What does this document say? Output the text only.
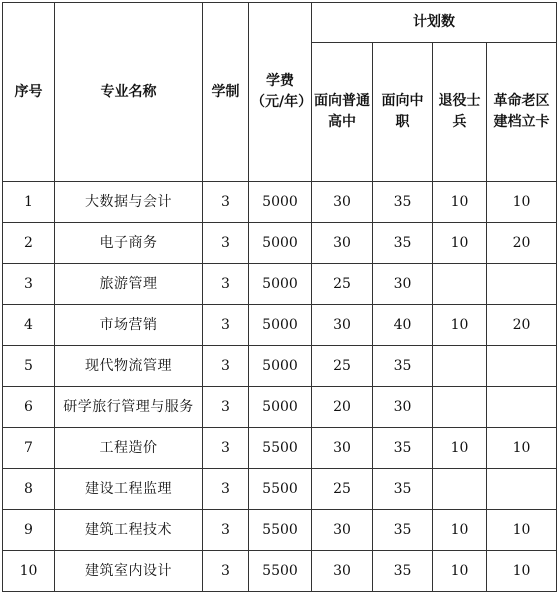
序号	专业名称	学制	学费（元/年）	计划数			
				面向普通高中	面向中职	退役士兵	革命老区建档立卡
1	大数据与会计	3	5000	30	35	10	10
2	电子商务	3	5000	30	35	10	20
3	旅游管理	3	5000	25	30		
4	市场营销	3	5000	30	40	10	20
5	现代物流管理	3	5000	25	35		
6	研学旅行管理与服务	3	5000	20	30		
7	工程造价	3	5500	30	35	10	10
8	建设工程监理	3	5500	25	35		
9	建筑工程技术	3	5500	30	35	10	10
10	建筑室内设计	3	5500	30	35	10	10
